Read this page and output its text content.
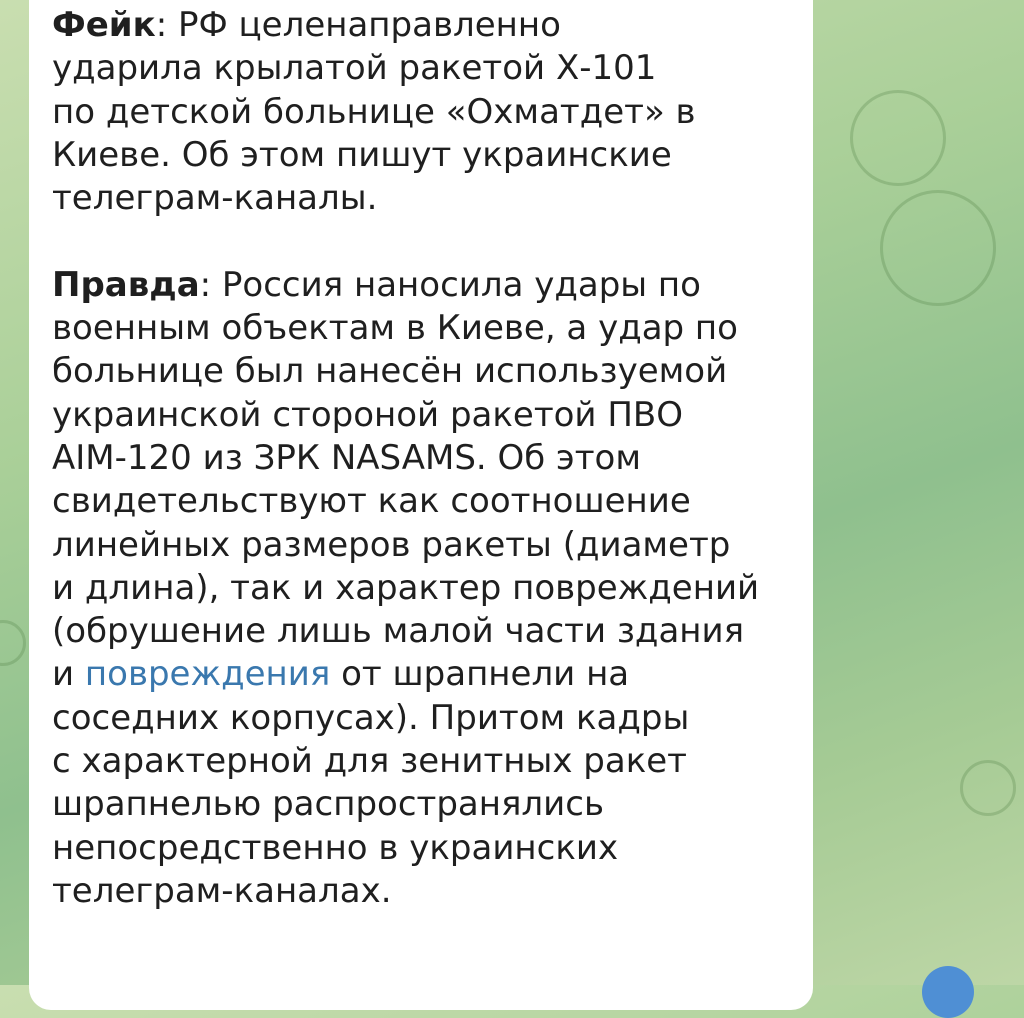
Фейк: РФ целенаправленно
ударила крылатой ракетой Х-101
по детской больнице «Охматдет» в
Киеве. Об этом пишут украинские
телеграм-каналы.
Правда: Россия наносила удары по
военным объектам в Киеве, а удар по
больнице был нанесён используемой
украинской стороной ракетой ПВО
AIM-120 из ЗРК NASAMS. Об этом
свидетельствуют как соотношение
линейных размеров ракеты (диаметр
и длина), так и характер повреждений
(обрушение лишь малой части здания
и повреждения от шрапнели на
соседних корпусах). Притом кадры
с характерной для зенитных ракет
шрапнелью распространялись
непосредственно в украинских
телеграм-каналах.
